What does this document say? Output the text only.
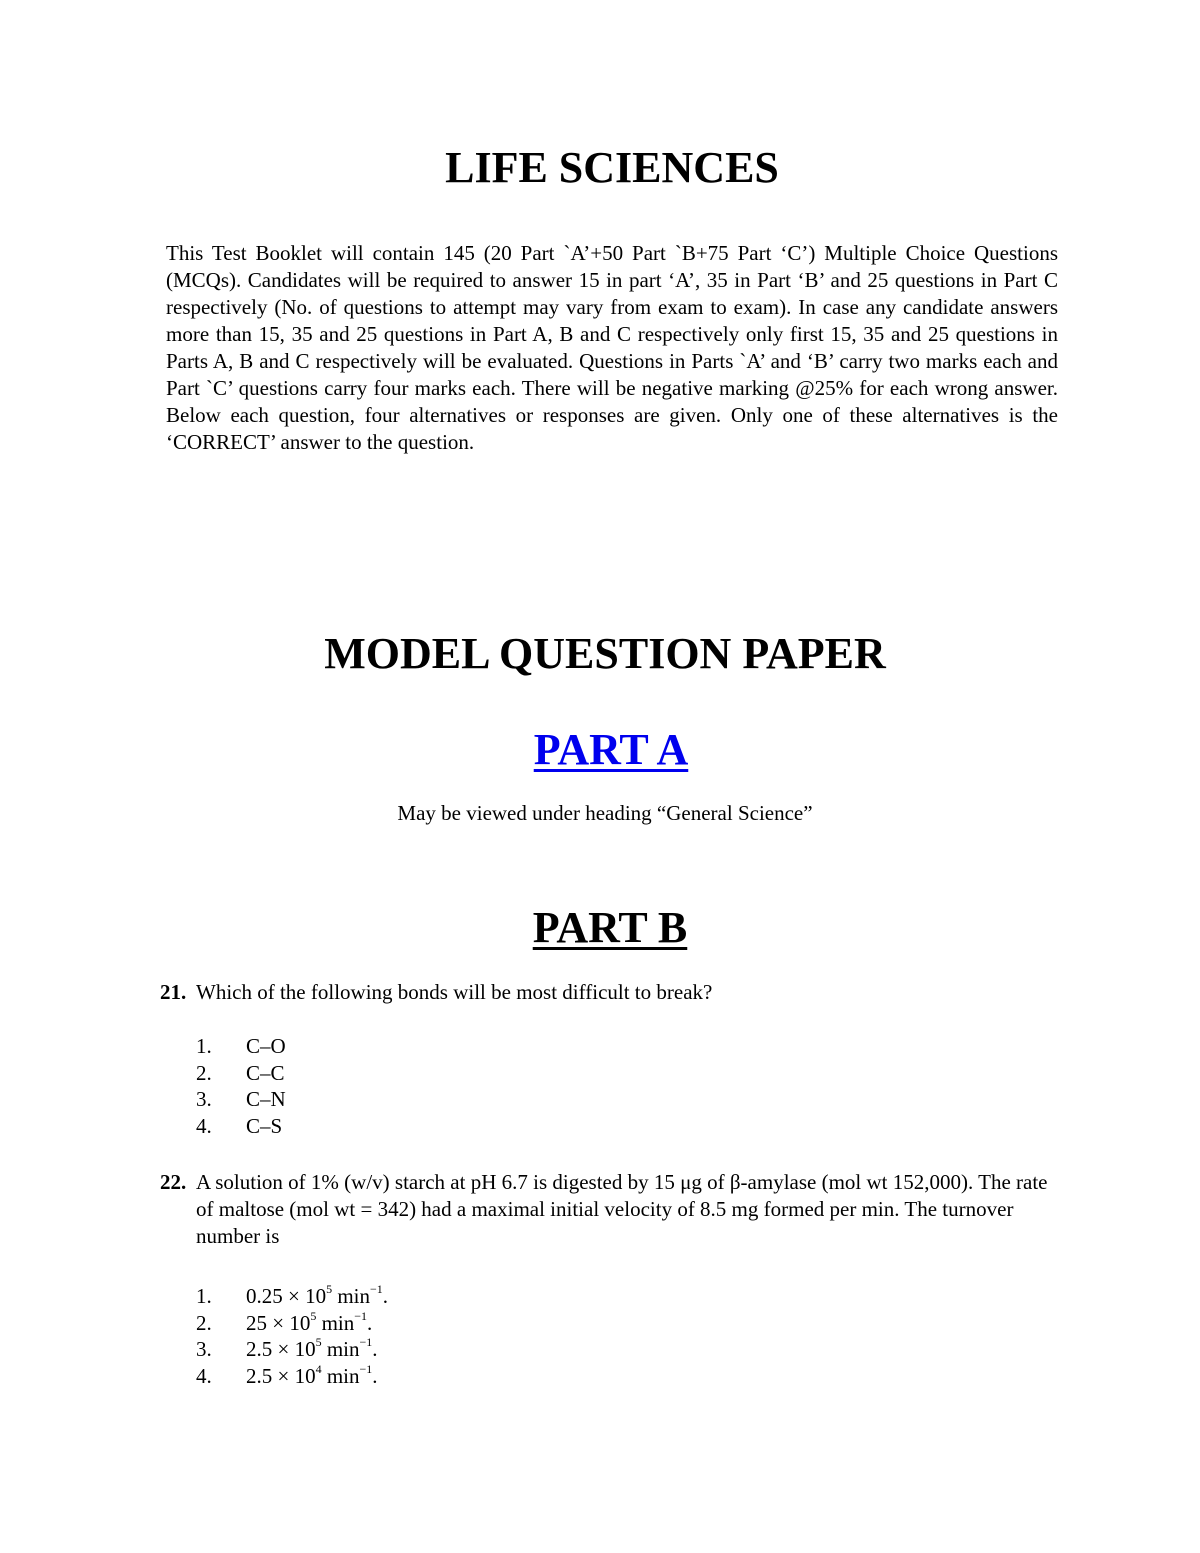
LIFE SCIENCES
This Test Booklet will contain 145 (20 Part `A’+50 Part `B+75 Part ‘C’) Multiple Choice Questions (MCQs). Candidates will be required to answer 15 in part ‘A’, 35 in Part ‘B’ and 25 questions in Part C respectively (No. of questions to attempt may vary from exam to exam). In case any candidate answers more than 15, 35 and 25 questions in Part A, B and C respectively only first 15, 35 and 25 questions in Parts A, B and C respectively will be evaluated. Questions in Parts `A’ and ‘B’ carry two marks each and Part `C’ questions carry four marks each. There will be negative marking @25% for each wrong answer. Below each question, four alternatives or responses are given. Only one of these alternatives is the ‘CORRECT’ answer to the question.
MODEL QUESTION PAPER
PART A
May be viewed under heading “General Science”
PART B
21. Which of the following bonds will be most difficult to break?
1. C–O
2. C–C
3. C–N
4. C–S
22. A solution of 1% (w/v) starch at pH 6.7 is digested by 15 μg of β-amylase (mol wt 152,000). The rate of maltose (mol wt = 342) had a maximal initial velocity of 8.5 mg formed per min. The turnover number is
1. $0.25 \times 10^5$ $\min^{-1}$.
2. $25 \times 10^5$ $\min^{-1}$.
3. $2.5 \times 10^5$ $\min^{-1}$.
4. $2.5 \times 10^4$ $\min^{-1}$.
